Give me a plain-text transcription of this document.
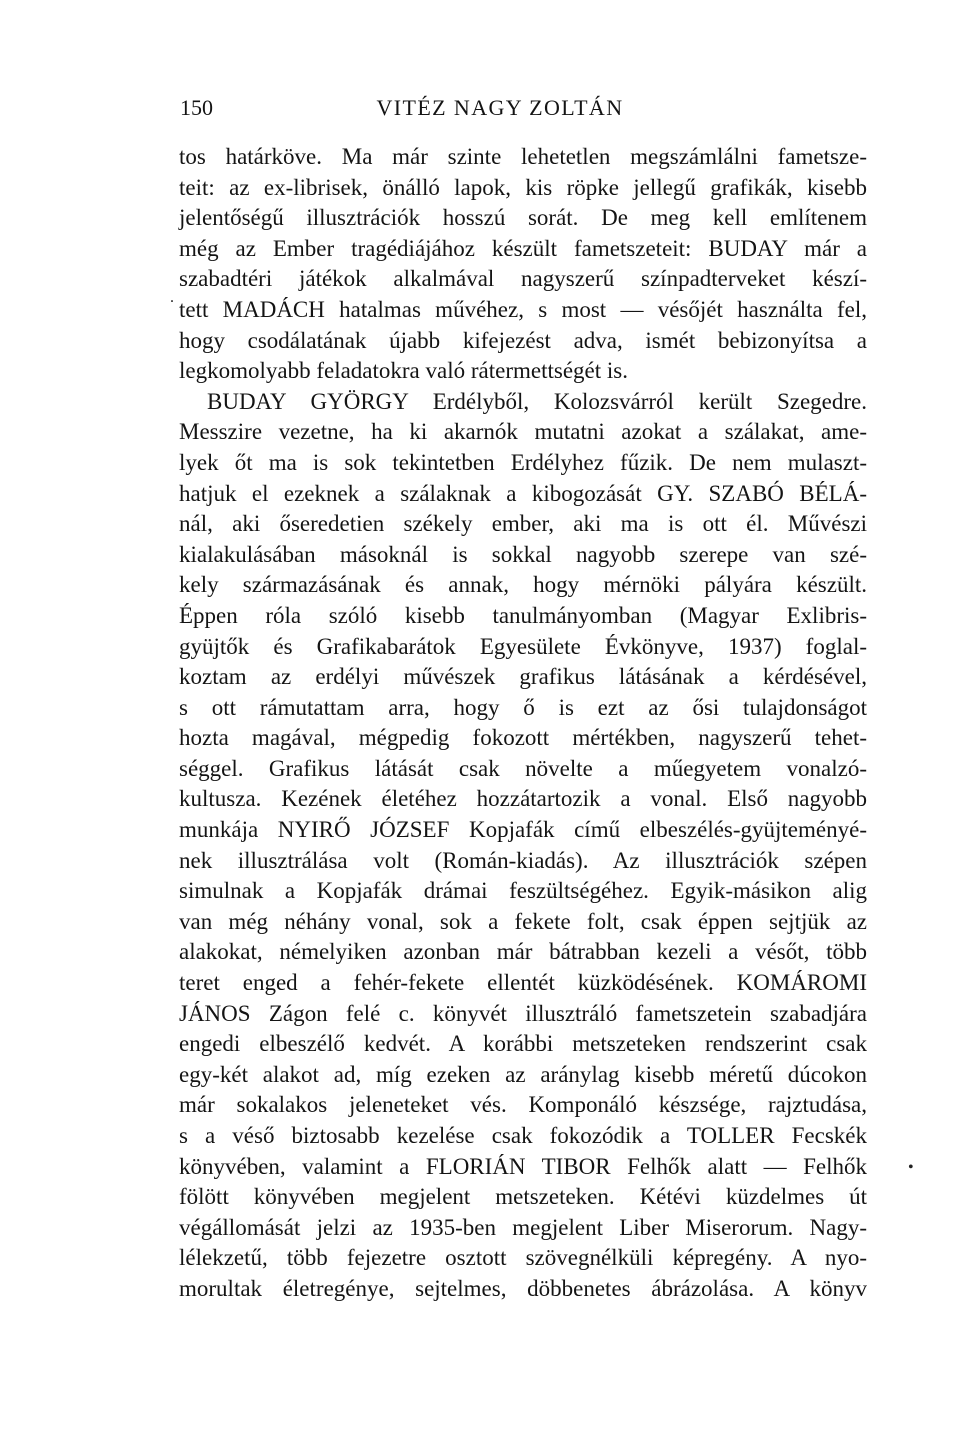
150	VITÉZ NAGY ZOLTÁN
tos határköve. Ma már szinte lehetetlen megszámlálni fametsze-
teit: az ex-librisek, önálló lapok, kis röpke jellegű grafikák, kisebb
jelentőségű illusztrációk hosszú sorát. De meg kell említenem
még az Ember tragédiájához készült fametszeteit: BUDAY már a
szabadtéri játékok alkalmával nagyszerű színpadterveket készí-
tett MADÁCH hatalmas művéhez, s most — vésőjét használta fel,
hogy csodálatának újabb kifejezést adva, ismét bebizonyítsa a
legkomolyabb feladatokra való rátermettségét is.
BUDAY GYÖRGY Erdélyből, Kolozsvárról került Szegedre.
Messzire vezetne, ha ki akarnók mutatni azokat a szálakat, ame-
lyek őt ma is sok tekintetben Erdélyhez fűzik. De nem mulaszt-
hatjuk el ezeknek a szálaknak a kibogozását GY. SZABÓ BÉLÁ-
nál, aki őseredetien székely ember, aki ma is ott él. Művészi
kialakulásában másoknál is sokkal nagyobb szerepe van szé-
kely származásának és annak, hogy mérnöki pályára készült.
Éppen róla szóló kisebb tanulmányomban (Magyar Exlibris-
gyüjtők és Grafikabarátok Egyesülete Évkönyve, 1937) foglal-
koztam az erdélyi művészek grafikus látásának a kérdésével,
s ott rámutattam arra, hogy ő is ezt az ősi tulajdonságot
hozta magával, mégpedig fokozott mértékben, nagyszerű tehet-
séggel. Grafikus látását csak növelte a műegyetem vonalzó-
kultusza. Kezének életéhez hozzátartozik a vonal. Első nagyobb
munkája NYIRŐ JÓZSEF Kopjafák című elbeszélés-gyüjteményé-
nek illusztrálása volt (Román-kiadás). Az illusztrációk szépen
simulnak a Kopjafák drámai feszültségéhez. Egyik-másikon alig
van még néhány vonal, sok a fekete folt, csak éppen sejtjük az
alakokat, némelyiken azonban már bátrabban kezeli a vésőt, több
teret enged a fehér-fekete ellentét küzködésének. KOMÁROMI
JÁNOS Zágon felé c. könyvét illusztráló fametszetein szabadjára
engedi elbeszélő kedvét. A korábbi metszeteken rendszerint csak
egy-két alakot ad, míg ezeken az aránylag kisebb méretű dúcokon
már sokalakos jeleneteket vés. Komponáló készsége, rajztudása,
s a véső biztosabb kezelése csak fokozódik a TOLLER Fecskék
könyvében, valamint a FLORIÁN TIBOR Felhők alatt — Felhők
fölött könyvében megjelent metszeteken. Kétévi küzdelmes út
végállomását jelzi az 1935-ben megjelent Liber Miserorum. Nagy-
lélekzetű, több fejezetre osztott szövegnélküli képregény. A nyo-
morultak életregénye, sejtelmes, döbbenetes ábrázolása. A könyv
.
•
